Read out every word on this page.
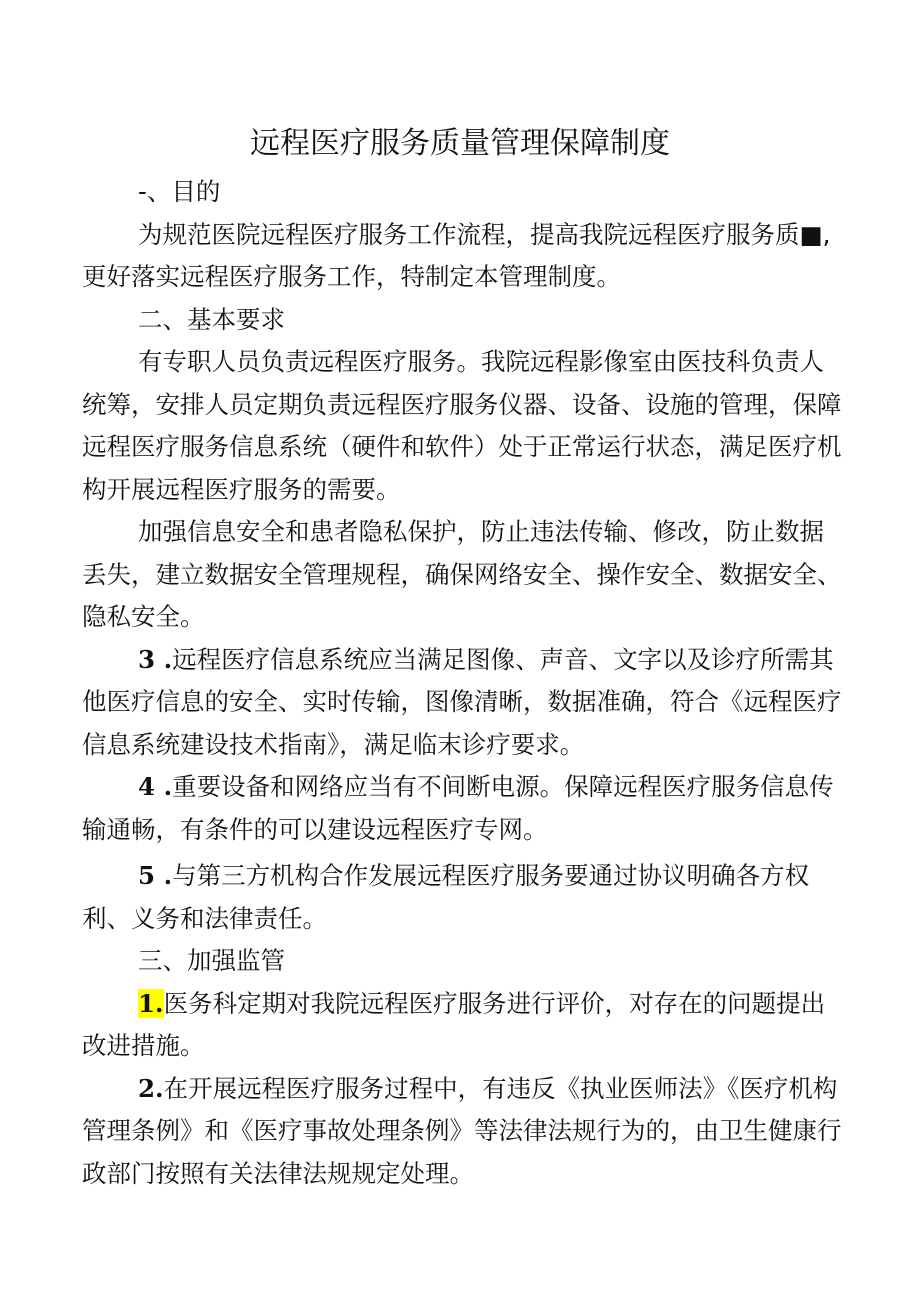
远程医疗服务质量管理保障制度

-、目的

为规范医院远程医疗服务工作流程，提高我院远程医疗服务质■,更好落实远程医疗服务工作，特制定本管理制度。

二、基本要求

有专职人员负责远程医疗服务。我院远程影像室由医技科负责人统筹，安排人员定期负责远程医疗服务仪器、设备、设施的管理，保障远程医疗服务信息系统（硬件和软件）处于正常运行状态，满足医疗机构开展远程医疗服务的需要。

加强信息安全和患者隐私保护，防止违法传输、修改，防止数据丢失，建立数据安全管理规程，确保网络安全、操作安全、数据安全、隐私安全。

3 .远程医疗信息系统应当满足图像、声音、文字以及诊疗所需其他医疗信息的安全、实时传输，图像清晰，数据准确，符合《远程医疗信息系统建设技术指南》，满足临末诊疗要求。

4 .重要设备和网络应当有不间断电源。保障远程医疗服务信息传输通畅，有条件的可以建设远程医疗专网。

5 .与第三方机构合作发展远程医疗服务要通过协议明确各方权利、义务和法律责任。

三、加强监管

1.医务科定期对我院远程医疗服务进行评价，对存在的问题提出改进措施。

2.在开展远程医疗服务过程中，有违反《执业医师法》《医疗机构管理条例》和《医疗事故处理条例》等法律法规行为的，由卫生健康行政部门按照有关法律法规规定处理。
